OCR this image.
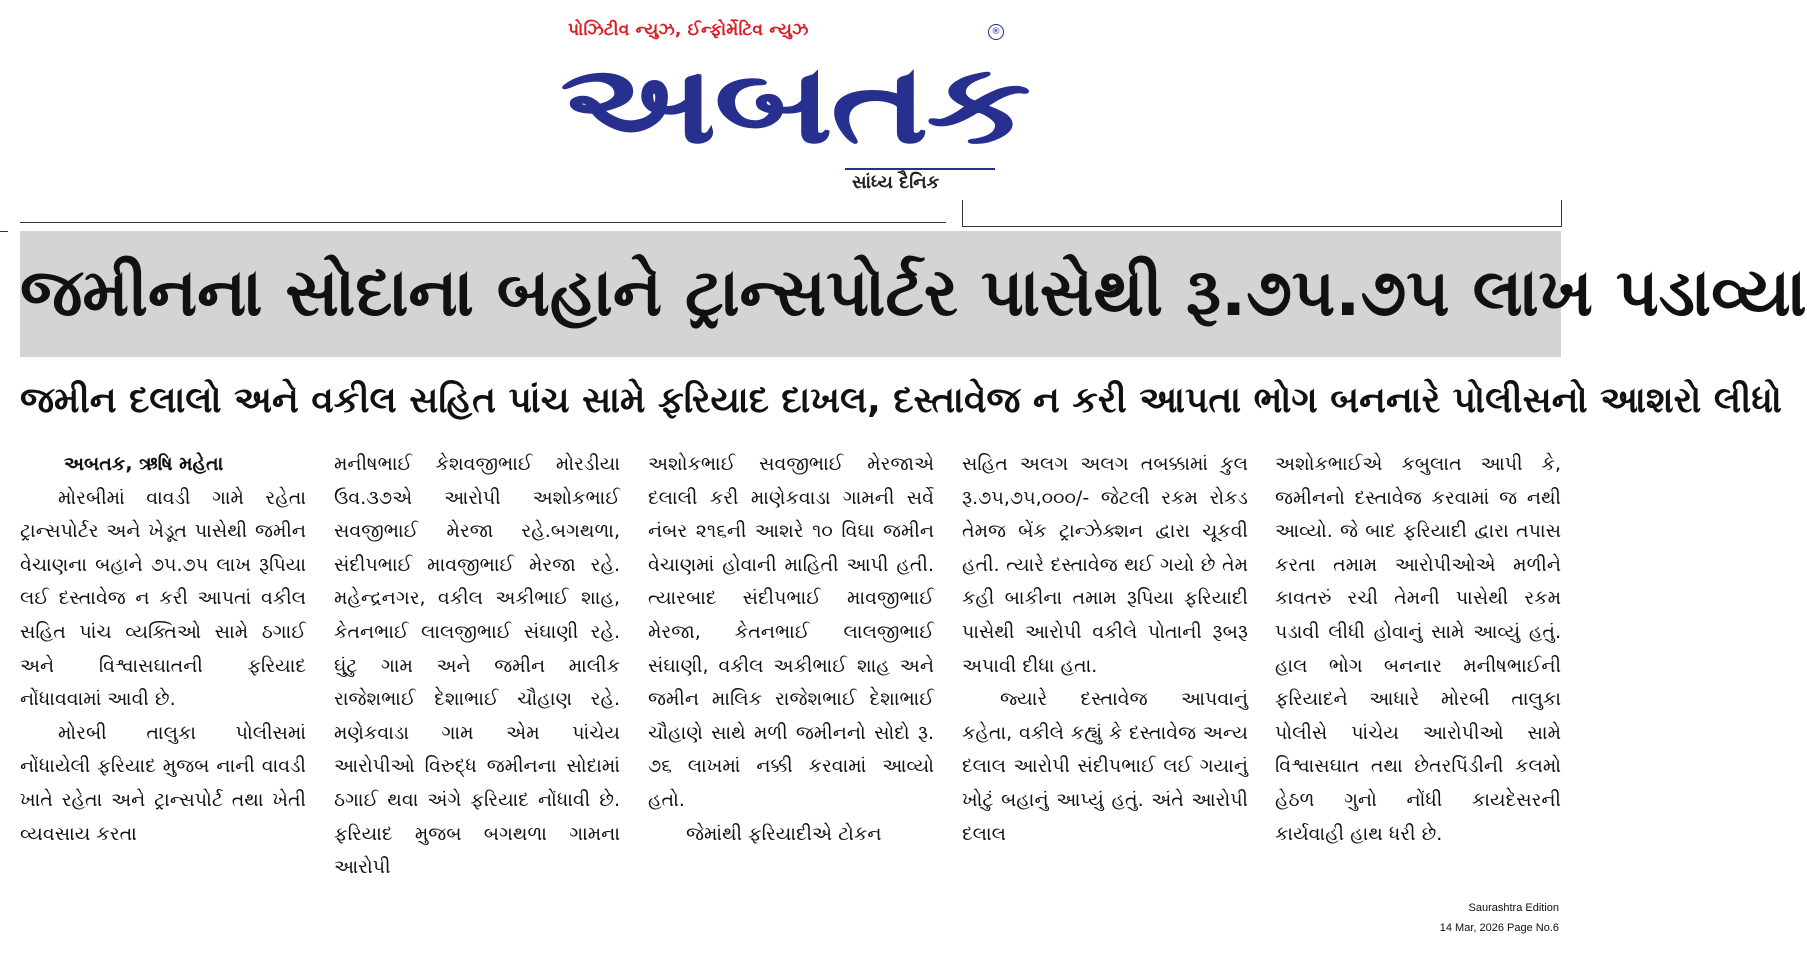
પોઝિટીવ ન્યુઝ, ઈન્ફોર્મેટિવ ન્યુઝ	®
અબતક
સાંધ્ય દૈનિક
જમીનના સોદાના બહાને ટ્રાન્સપોર્ટર પાસેથી રૂ.૭૫.૭૫ લાખ પડાવ્યા
જમીન દલાલો અને વકીલ સહિત પાંચ સામે ફરિયાદ દાખલ, દસ્તાવેજ ન કરી આપતા ભોગ બનનારે પોલીસનો આશરો લીધો

અબતક, ઋષિ મહેતા

મોરબીમાં વાવડી ગામે રહેતા ટ્રાન્સપોર્ટર અને ખેડૂત પાસેથી જમીન વેચાણના બહાને ૭૫.૭૫ લાખ રૂપિયા લઈ દસ્તાવેજ ન કરી આપતાં વકીલ સહિત પાંચ વ્યક્તિઓ સામે ઠગાઈ અને વિશ્વાસઘાતની ફરિયાદ નોંધાવવામાં આવી છે.

મોરબી તાલુકા પોલીસમાં નોંધાયેલી ફરિયાદ મુજબ નાની વાવડી ખાતે રહેતા અને ટ્રાન્સપોર્ટ તથા ખેતી વ્યવસાય કરતા

મનીષભાઈ કેશવજીભાઈ મોરડીયા ઉવ.૩૭એ આરોપી અશોકભાઈ સવજીભાઈ મેરજા રહે.બગથળા, સંદીપભાઈ માવજીભાઈ મેરજા રહે. મહેન્દ્રનગર, વકીલ અકીભાઈ શાહ, કેતનભાઈ લાલજીભાઈ સંઘાણી રહે. ઘુંટુ ગામ અને જમીન માલીક રાજેશભાઈ દેશાભાઈ ચૌહાણ રહે. મણેકવાડા ગામ એમ પાંચેય આરોપીઓ વિરુદ્ધ જમીનના સોદામાં ઠગાઈ થવા અંગે ફરિયાદ નોંધાવી છે. ફરિયાદ મુજબ બગથળા ગામના આરોપી

અશોકભાઈ સવજીભાઈ મેરજાએ દલાલી કરી માણેકવાડા ગામની સર્વે નંબર ૨૧૬ની આશરે ૧૦ વિઘા જમીન વેચાણમાં હોવાની માહિતી આપી હતી. ત્યારબાદ સંદીપભાઈ માવજીભાઈ મેરજા, કેતનભાઈ લાલજીભાઈ સંઘાણી, વકીલ અકીભાઈ શાહ અને જમીન માલિક રાજેશભાઈ દેશાભાઈ ચૌહાણે સાથે મળી જમીનનો સોદો રૂ. ૭૬ લાખમાં નક્કી કરવામાં આવ્યો હતો.

જેમાંથી ફરિયાદીએ ટોકન

સહિત અલગ અલગ તબક્કામાં કુલ રૂ.૭૫,૭૫,૦૦૦/- જેટલી રકમ રોકડ તેમજ બેંક ટ્રાન્ઝેક્શન દ્વારા ચૂકવી હતી. ત્યારે દસ્તાવેજ થઈ ગયો છે તેમ કહી બાકીના તમામ રૂપિયા ફરિયાદી પાસેથી આરોપી વકીલે પોતાની રૂબરૂ અપાવી દીધા હતા.

જ્યારે દસ્તાવેજ આપવાનું કહેતા, વકીલે કહ્યું કે દસ્તાવેજ અન્ય દલાલ આરોપી સંદીપભાઈ લઈ ગયાનું ખોટું બહાનું આપ્યું હતું. અંતે આરોપી દલાલ

અશોકભાઈએ કબુલાત આપી કે, જમીનનો દસ્તાવેજ કરવામાં જ નથી આવ્યો. જે બાદ ફરિયાદી દ્વારા તપાસ કરતા તમામ આરોપીઓએ મળીને કાવતરું રચી તેમની પાસેથી રકમ પડાવી લીધી હોવાનું સામે આવ્યું હતું. હાલ ભોગ બનનાર મનીષભાઈની ફરિયાદને આધારે મોરબી તાલુકા પોલીસે પાંચેય આરોપીઓ સામે વિશ્વાસઘાત તથા છેતરપિંડીની કલમો હેઠળ ગુનો નોંધી કાયદેસરની કાર્યવાહી હાથ ધરી છે.

Saurashtra Edition
14 Mar, 2026 Page No.6
